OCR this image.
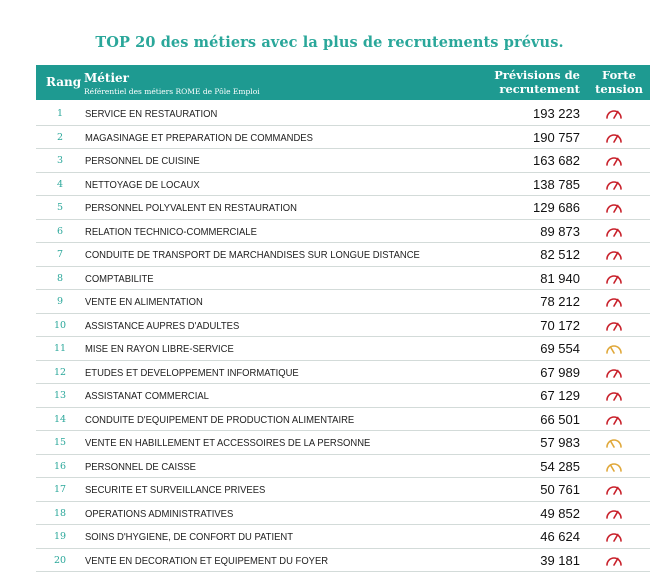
TOP 20 des métiers avec la plus de recrutements prévus.
Rang Métier
Référentiel des métiers ROME de Pôle Emploi
Prévisions de
recrutement
Forte
tension
1	SERVICE EN RESTAURATION	193 223
2	MAGASINAGE ET PREPARATION DE COMMANDES	190 757
3	PERSONNEL DE CUISINE	163 682
4	NETTOYAGE DE LOCAUX	138 785
5	PERSONNEL POLYVALENT EN RESTAURATION	129 686
6	RELATION TECHNICO-COMMERCIALE	89 873
7	CONDUITE DE TRANSPORT DE MARCHANDISES SUR LONGUE DISTANCE	82 512
8	COMPTABILITE	81 940
9	VENTE EN ALIMENTATION	78 212
10	ASSISTANCE AUPRES D'ADULTES	70 172
11	MISE EN RAYON LIBRE-SERVICE	69 554
12	ETUDES ET DEVELOPPEMENT INFORMATIQUE	67 989
13	ASSISTANAT COMMERCIAL	67 129
14	CONDUITE D'EQUIPEMENT DE PRODUCTION ALIMENTAIRE	66 501
15	VENTE EN HABILLEMENT ET ACCESSOIRES DE LA PERSONNE	57 983
16	PERSONNEL DE CAISSE	54 285
17	SECURITE ET SURVEILLANCE PRIVEES	50 761
18	OPERATIONS ADMINISTRATIVES	49 852
19	SOINS D'HYGIENE, DE CONFORT DU PATIENT	46 624
20	VENTE EN DECORATION ET EQUIPEMENT DU FOYER	39 181
